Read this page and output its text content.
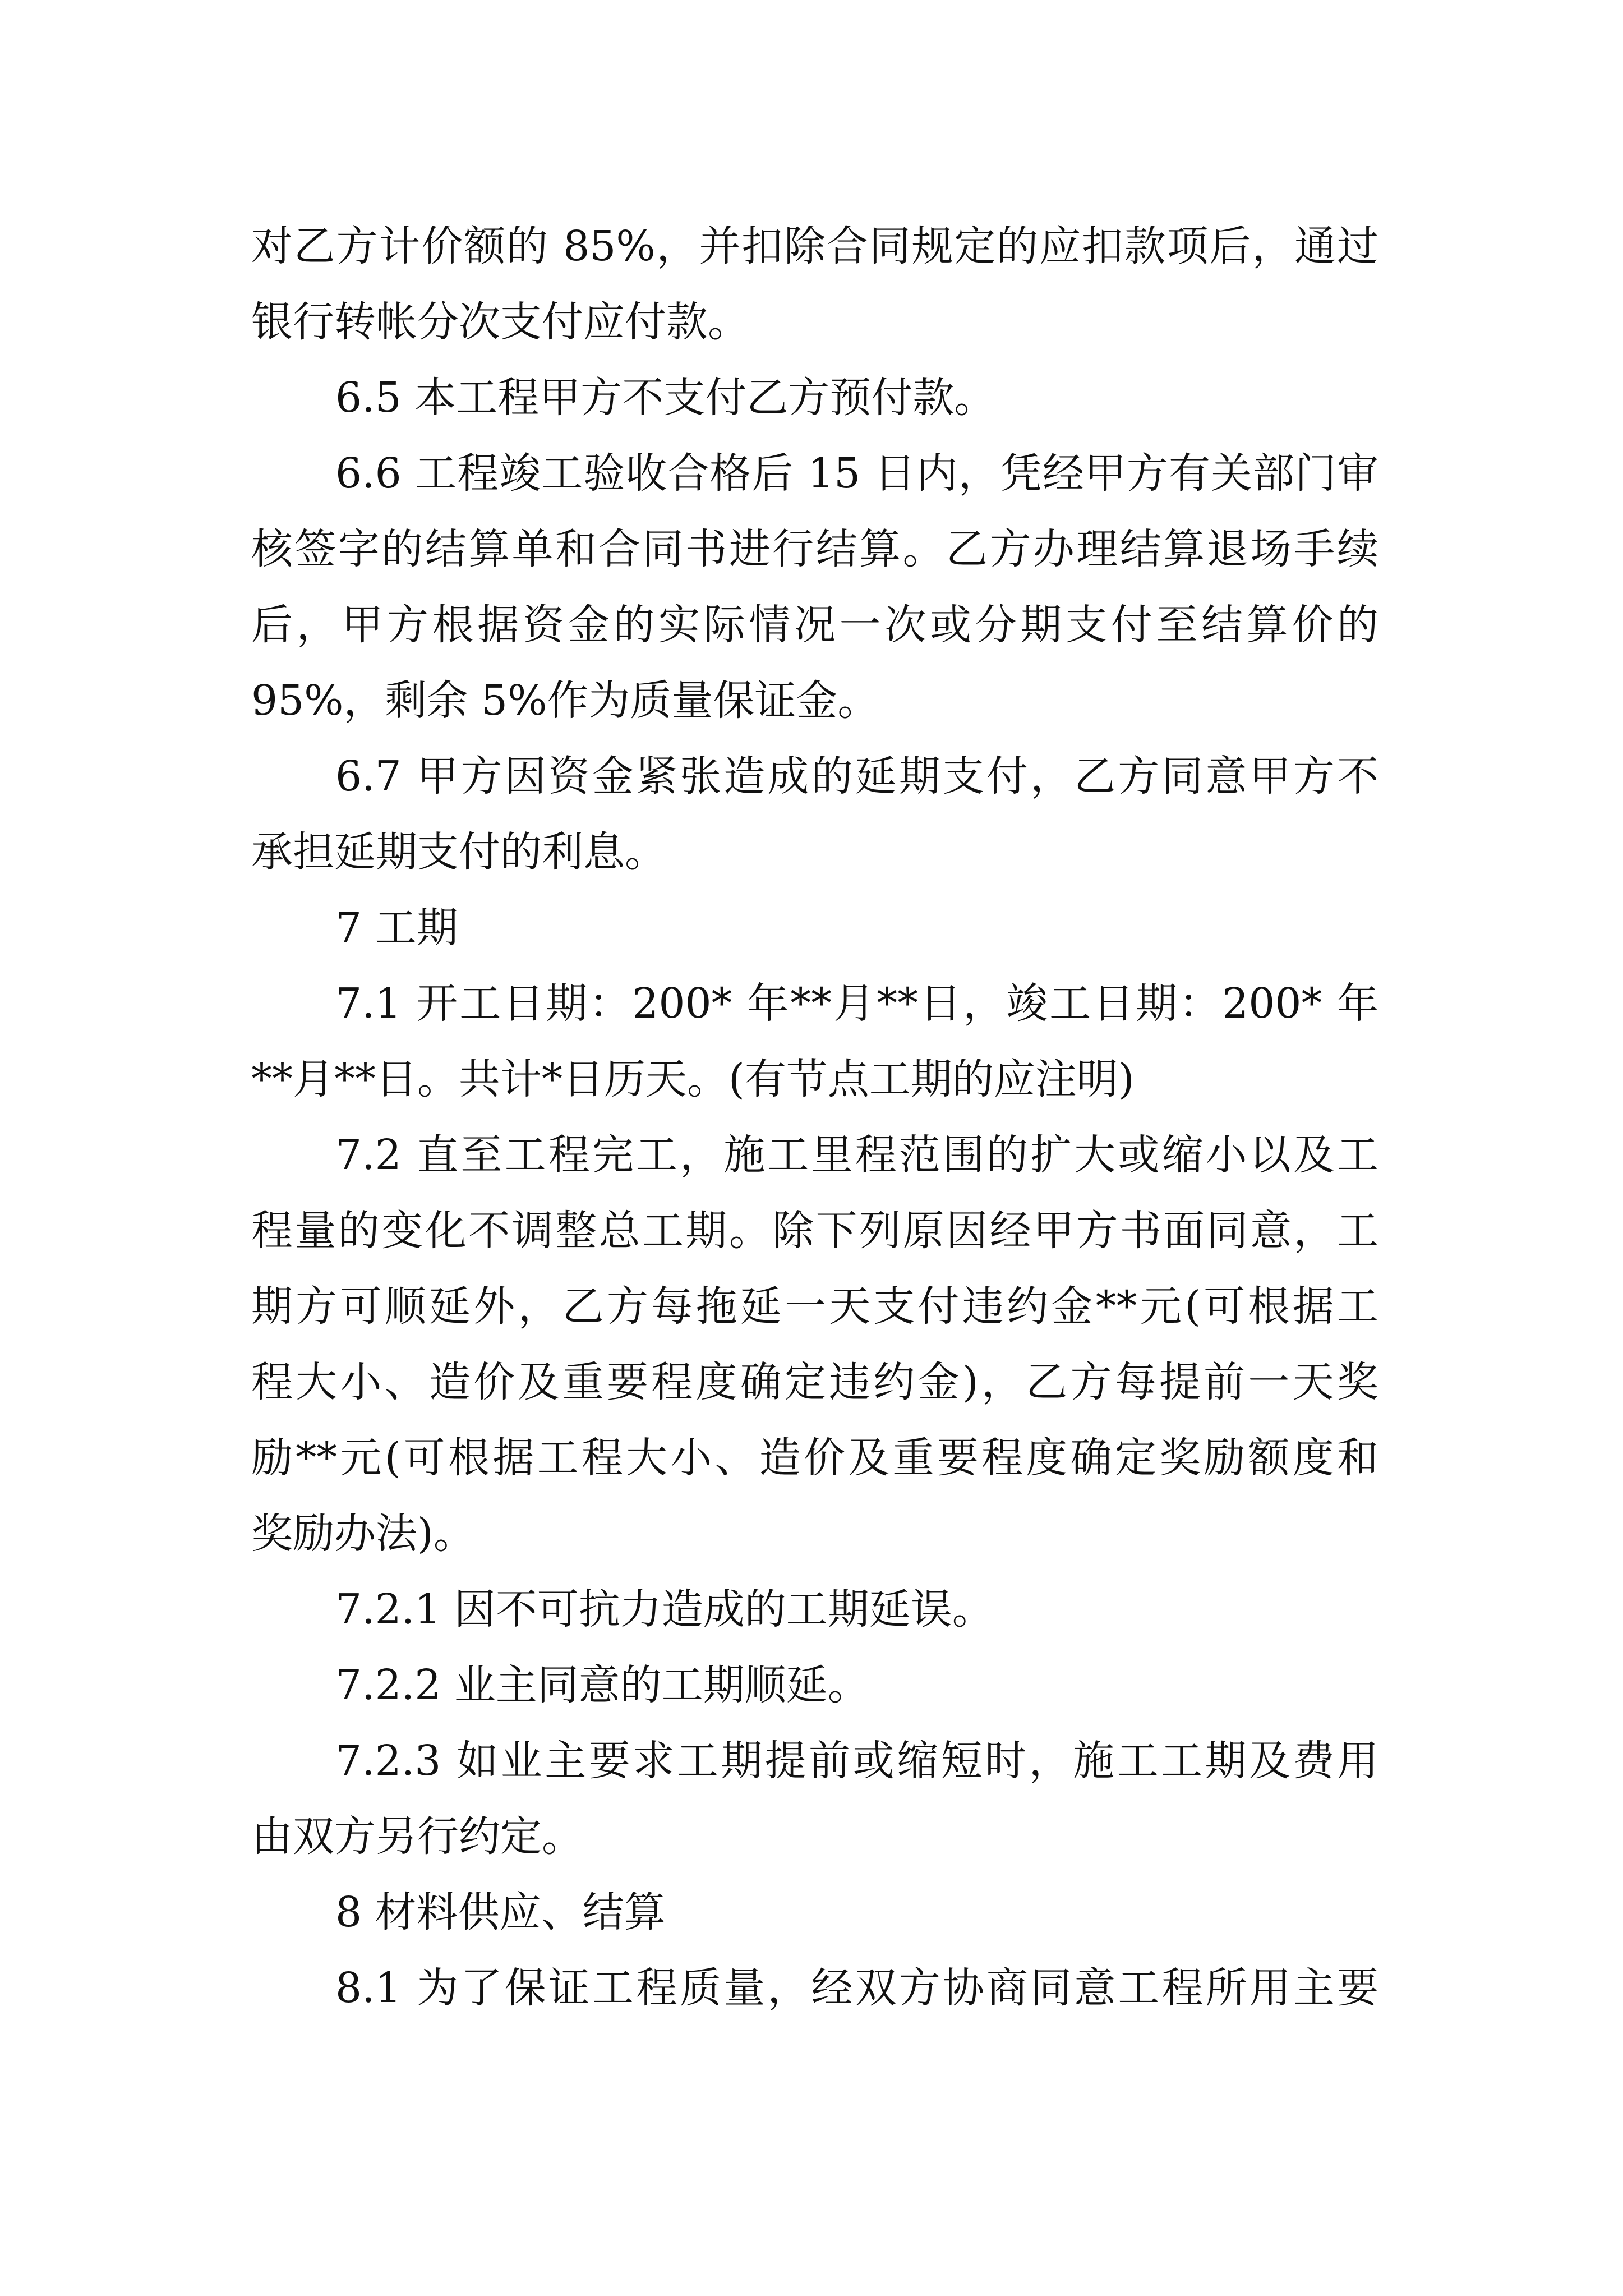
对乙方计价额的 85%，并扣除合同规定的应扣款项后，通过
银行转帐分次支付应付款。
6.5 本工程甲方不支付乙方预付款。
6.6 工程竣工验收合格后 15 日内，凭经甲方有关部门审
核签字的结算单和合同书进行结算。乙方办理结算退场手续
后，甲方根据资金的实际情况一次或分期支付至结算价的
95%，剩余 5%作为质量保证金。
6.7 甲方因资金紧张造成的延期支付，乙方同意甲方不
承担延期支付的利息。
7 工期
7.1 开工日期：200* 年**月**日，竣工日期：200* 年
**月**日。共计*日历天。(有节点工期的应注明)
7.2 直至工程完工，施工里程范围的扩大或缩小以及工
程量的变化不调整总工期。除下列原因经甲方书面同意，工
期方可顺延外，乙方每拖延一天支付违约金**元(可根据工
程大小、造价及重要程度确定违约金)，乙方每提前一天奖
励**元(可根据工程大小、造价及重要程度确定奖励额度和
奖励办法)。
7.2.1 因不可抗力造成的工期延误。
7.2.2 业主同意的工期顺延。
7.2.3 如业主要求工期提前或缩短时，施工工期及费用
由双方另行约定。
8 材料供应、结算
8.1 为了保证工程质量，经双方协商同意工程所用主要
